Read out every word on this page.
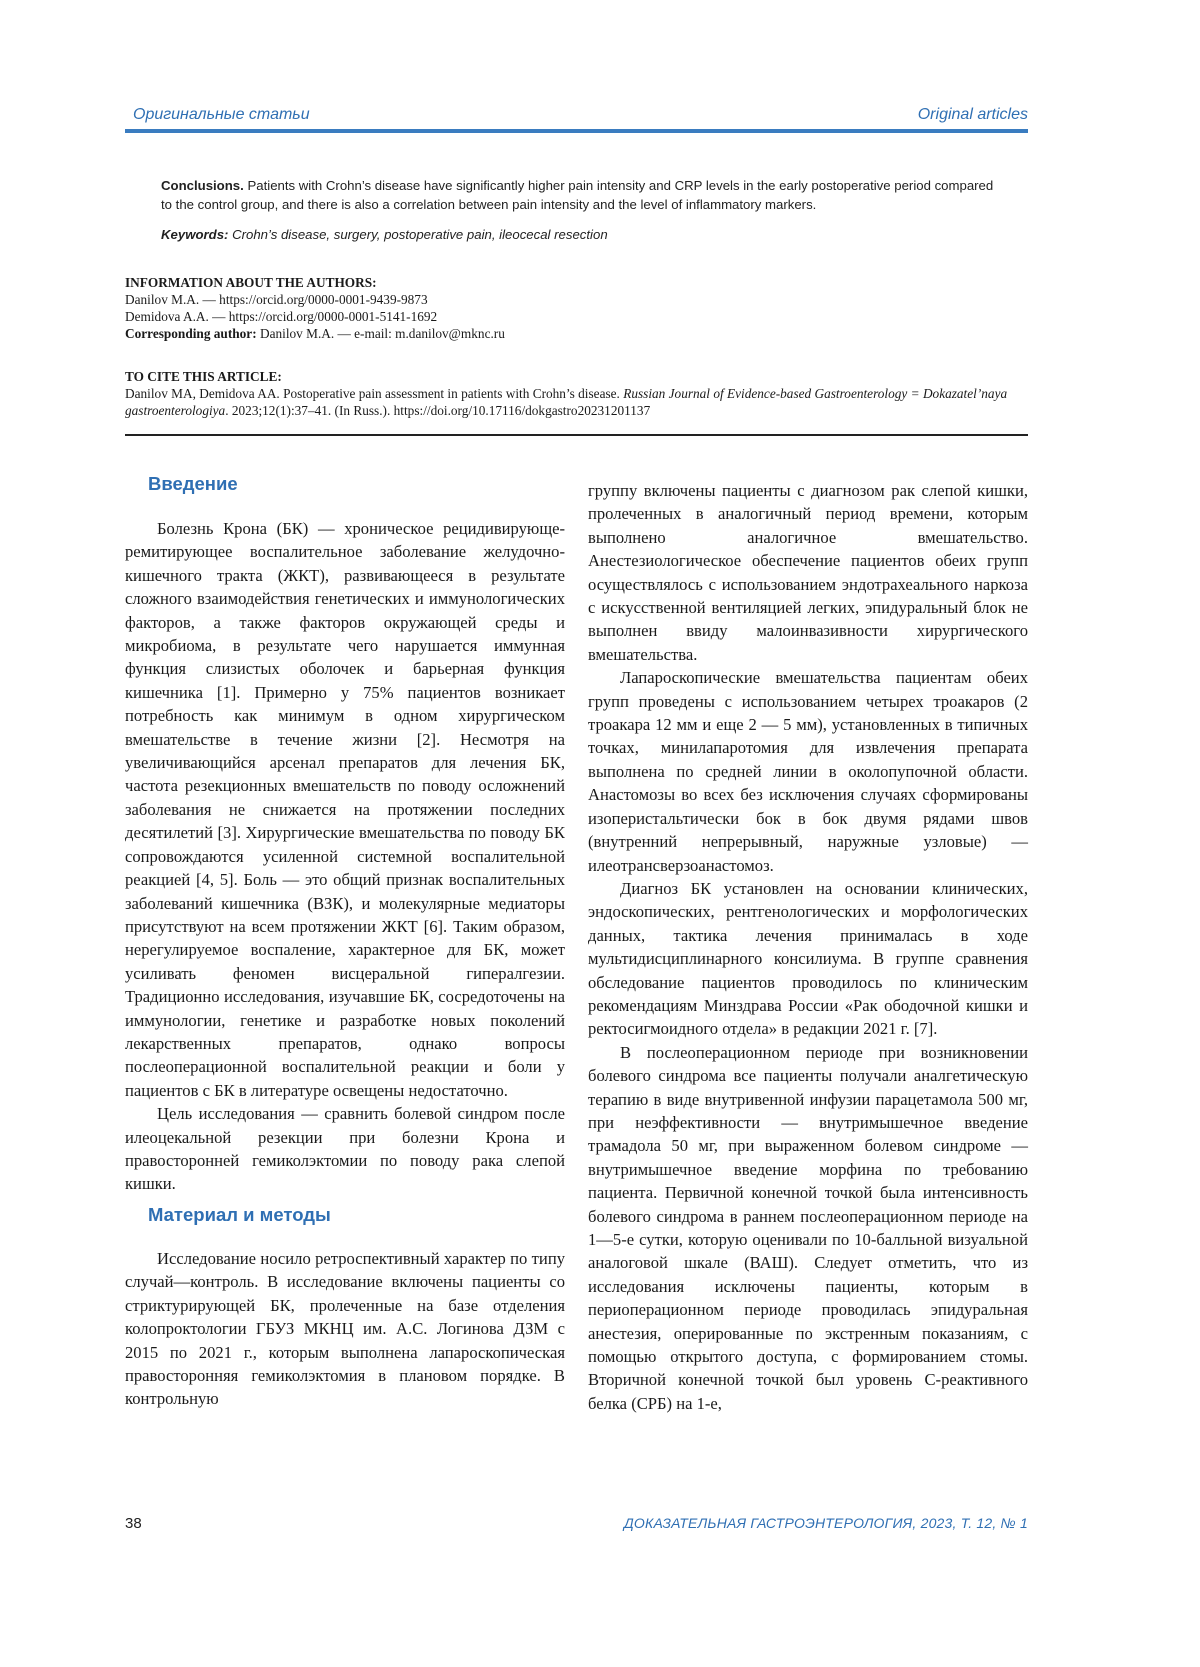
Оригинальные статьи	Original articles

Conclusions. Patients with Crohn’s disease have significantly higher pain intensity and CRP levels in the early postoperative period compared to the control group, and there is also a correlation between pain intensity and the level of inflammatory markers.

Keywords: Crohn’s disease, surgery, postoperative pain, ileocecal resection

INFORMATION ABOUT THE AUTHORS:
Danilov M.A. — https://orcid.org/0000-0001-9439-9873
Demidova A.A. — https://orcid.org/0000-0001-5141-1692
Corresponding author: Danilov M.A. — e-mail: m.danilov@mknc.ru
TO CITE THIS ARTICLE:
Danilov MA, Demidova AA. Postoperative pain assessment in patients with Crohn’s disease. Russian Journal of Evidence-based Gastroenterology = Dokazatel’naya gastroenterologiya. 2023;12(1):37–41. (In Russ.). https://doi.org/10.17116/dokgastro20231201137
Введение

Болезнь Крона (БК) — хроническое рецидивирующе-ремитирующее воспалительное заболевание желудочно-кишечного тракта (ЖКТ), развивающееся в результате сложного взаимодействия генетических и иммунологических факторов, а также факторов окружающей среды и микробиома, в результате чего нарушается иммунная функция слизистых оболочек и барьерная функция кишечника [1]. Примерно у 75% пациентов возникает потребность как минимум в одном хирургическом вмешательстве в течение жизни [2]. Несмотря на увеличивающийся арсенал препаратов для лечения БК, частота резекционных вмешательств по поводу осложнений заболевания не снижается на протяжении последних десятилетий [3]. Хирургические вмешательства по поводу БК сопровождаются усиленной системной воспалительной реакцией [4, 5]. Боль — это общий признак воспалительных заболеваний кишечника (ВЗК), и молекулярные медиаторы присутствуют на всем протяжении ЖКТ [6]. Таким образом, нерегулируемое воспаление, характерное для БК, может усиливать феномен висцеральной гипералгезии. Традиционно исследования, изучавшие БК, сосредоточены на иммунологии, генетике и разработке новых поколений лекарственных препаратов, однако вопросы послеоперационной воспалительной реакции и боли у пациентов с БК в литературе освещены недостаточно.

Цель исследования — сравнить болевой синдром после илеоцекальной резекции при болезни Крона и правосторонней гемиколэктомии по поводу рака слепой кишки.

Материал и методы

Исследование носило ретроспективный характер по типу случай—контроль. В исследование включены пациенты со стриктурирующей БК, пролеченные на базе отделения колопроктологии ГБУЗ МКНЦ им. А.С. Логинова ДЗМ с 2015 по 2021 г., которым выполнена лапароскопическая правосторонняя гемиколэктомия в плановом порядке. В контрольную

группу включены пациенты с диагнозом рак слепой кишки, пролеченных в аналогичный период времени, которым выполнено аналогичное вмешательство. Анестезиологическое обеспечение пациентов обеих групп осуществлялось с использованием эндотрахеального наркоза с искусственной вентиляцией легких, эпидуральный блок не выполнен ввиду малоинвазивности хирургического вмешательства.

Лапароскопические вмешательства пациентам обеих групп проведены с использованием четырех троакаров (2 троакара 12 мм и еще 2 — 5 мм), установленных в типичных точках, минилапаротомия для извлечения препарата выполнена по средней линии в околопупочной области. Анастомозы во всех без исключения случаях сформированы изоперистальтически бок в бок двумя рядами швов (внутренний непрерывный, наружные узловые) — илеотрансверзоанастомоз.

Диагноз БК установлен на основании клинических, эндоскопических, рентгенологических и морфологических данных, тактика лечения принималась в ходе мультидисциплинарного консилиума. В группе сравнения обследование пациентов проводилось по клиническим рекомендациям Минздрава России «Рак ободочной кишки и ректосигмоидного отдела» в редакции 2021 г. [7].

В послеоперационном периоде при возникновении болевого синдрома все пациенты получали аналгетическую терапию в виде внутривенной инфузии парацетамола 500 мг, при неэффективности — внутримышечное введение трамадола 50 мг, при выраженном болевом синдроме — внутримышечное введение морфина по требованию пациента. Первичной конечной точкой была интенсивность болевого синдрома в раннем послеоперационном периоде на 1—5-е сутки, которую оценивали по 10-балльной визуальной аналоговой шкале (ВАШ). Следует отметить, что из исследования исключены пациенты, которым в периоперационном периоде проводилась эпидуральная анестезия, оперированные по экстренным показаниям, с помощью открытого доступа, с формированием стомы. Вторичной конечной точкой был уровень С-реактивного белка (СРБ) на 1-е,

38	ДОКАЗАТЕЛЬНАЯ ГАСТРОЭНТЕРОЛОГИЯ, 2023, Т. 12, № 1
